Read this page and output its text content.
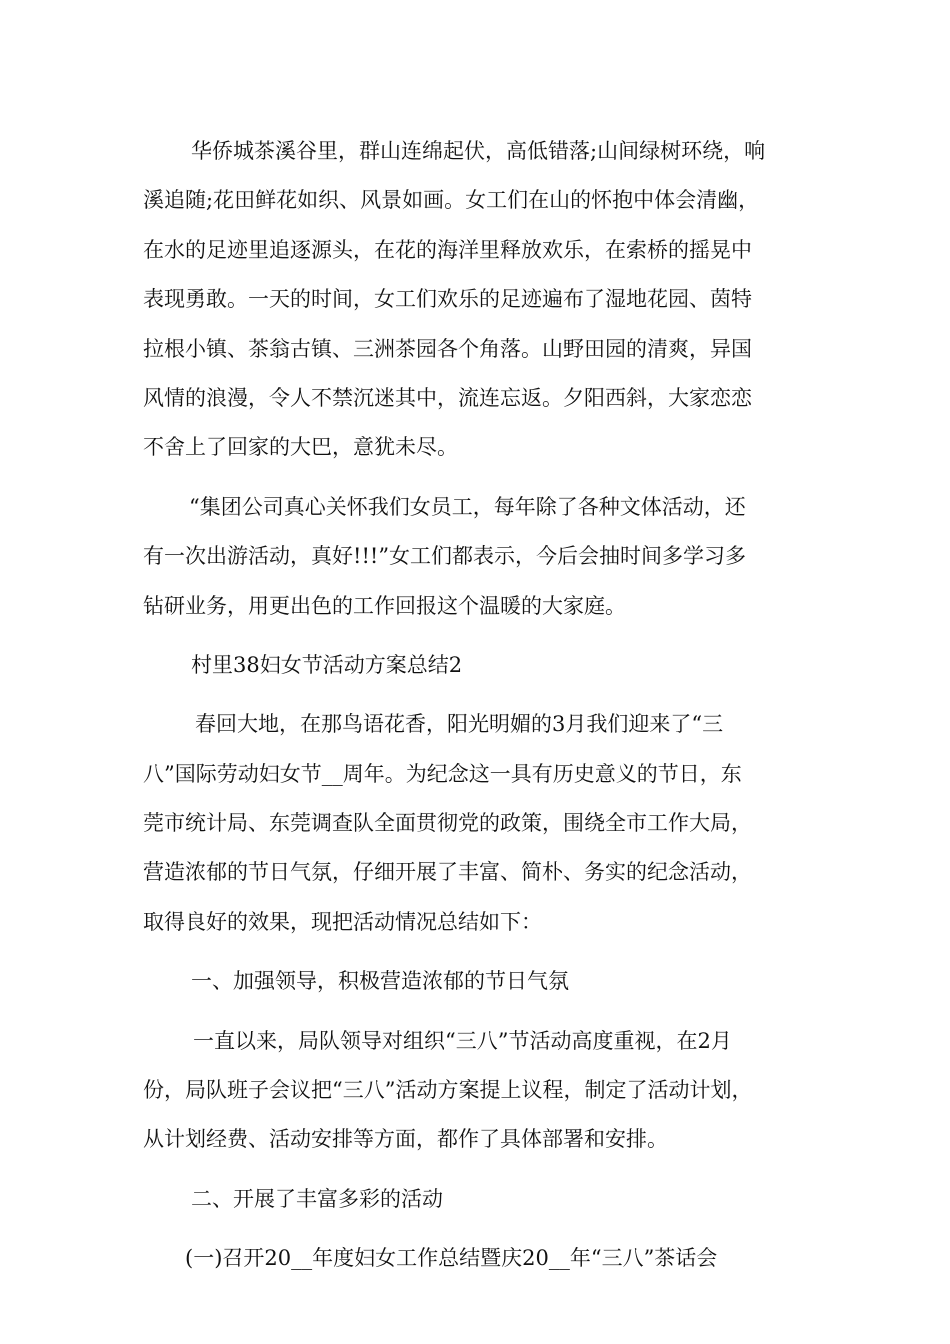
华侨城茶溪谷里，群山连绵起伏，高低错落;山间绿树环绕，响
溪追随;花田鲜花如织、风景如画。女工们在山的怀抱中体会清幽，
在水的足迹里追逐源头，在花的海洋里释放欢乐，在索桥的摇晃中
表现勇敢。一天的时间，女工们欢乐的足迹遍布了湿地花园、茵特
拉根小镇、茶翁古镇、三洲茶园各个角落。山野田园的清爽，异国
风情的浪漫，令人不禁沉迷其中，流连忘返。夕阳西斜，大家恋恋
不舍上了回家的大巴，意犹未尽。
“集团公司真心关怀我们女员工，每年除了各种文体活动，还
有一次出游活动，真好!!!”女工们都表示，今后会抽时间多学习多
钻研业务，用更出色的工作回报这个温暖的大家庭。
村里38妇女节活动方案总结2
春回大地，在那鸟语花香，阳光明媚的3月我们迎来了“三
八”国际劳动妇女节__周年。为纪念这一具有历史意义的节日，东
莞市统计局、东莞调查队全面贯彻党的政策，围绕全市工作大局，
营造浓郁的节日气氛，仔细开展了丰富、简朴、务实的纪念活动，
取得良好的效果，现把活动情况总结如下：
一、加强领导，积极营造浓郁的节日气氛
一直以来，局队领导对组织“三八”节活动高度重视，在2月
份，局队班子会议把“三八”活动方案提上议程，制定了活动计划，
从计划经费、活动安排等方面，都作了具体部署和安排。
二、开展了丰富多彩的活动
(一)召开20__年度妇女工作总结暨庆20__年“三八”茶话会
